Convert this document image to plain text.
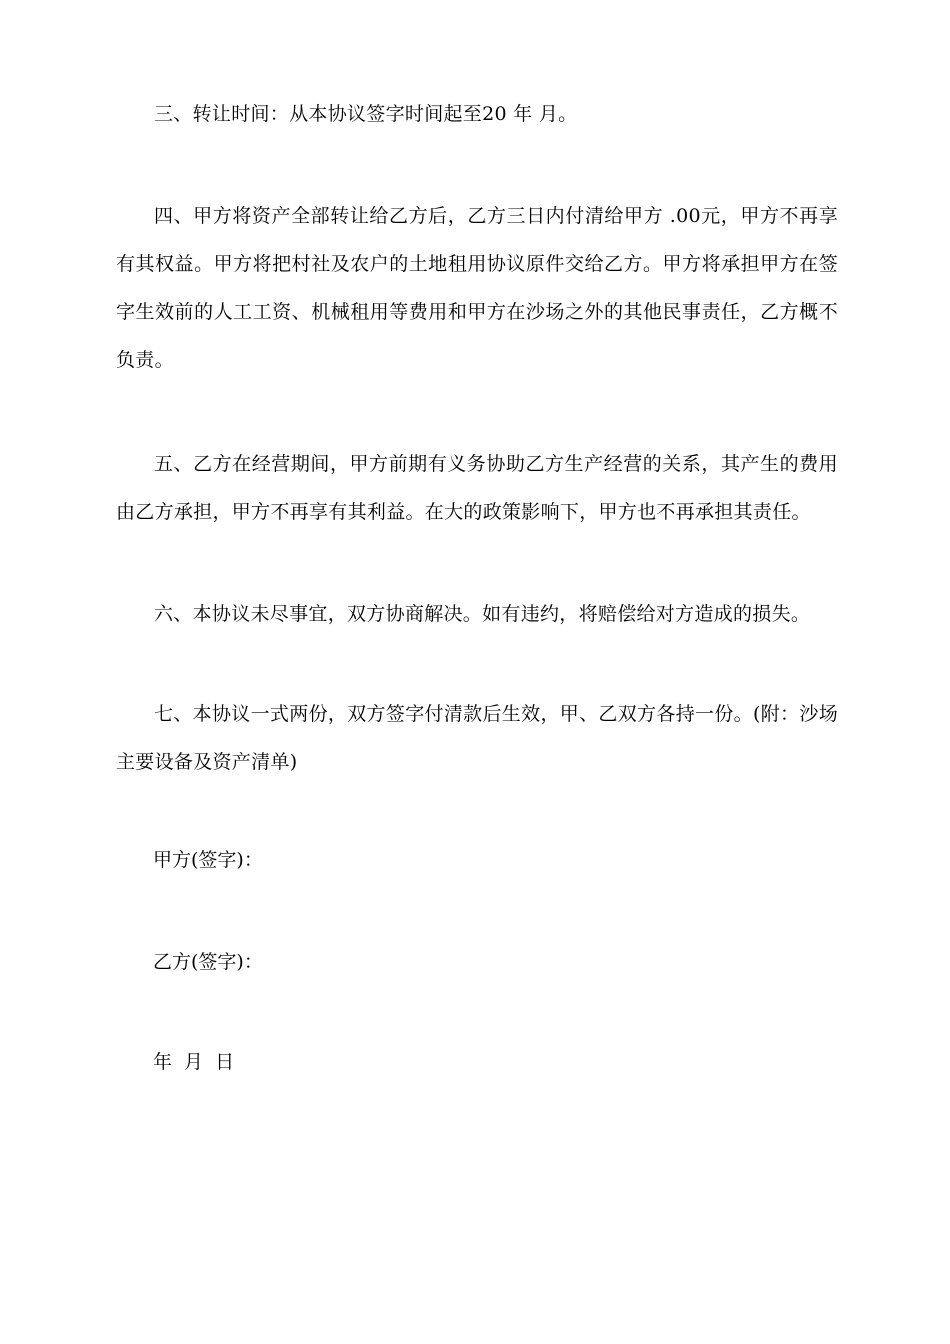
三、转让时间：从本协议签字时间起至20 年 月。

四、甲方将资产全部转让给乙方后，乙方三日内付清给甲方 .00元，甲方不再享有其权益。甲方将把村社及农户的土地租用协议原件交给乙方。甲方将承担甲方在签字生效前的人工工资、机械租用等费用和甲方在沙场之外的其他民事责任，乙方概不负责。

五、乙方在经营期间，甲方前期有义务协助乙方生产经营的关系，其产生的费用由乙方承担，甲方不再享有其利益。在大的政策影响下，甲方也不再承担其责任。

六、本协议未尽事宜，双方协商解决。如有违约，将赔偿给对方造成的损失。

七、本协议一式两份，双方签字付清款后生效，甲、乙双方各持一份。(附：沙场主要设备及资产清单)

甲方(签字)：
乙方(签字)：
年 月 日
